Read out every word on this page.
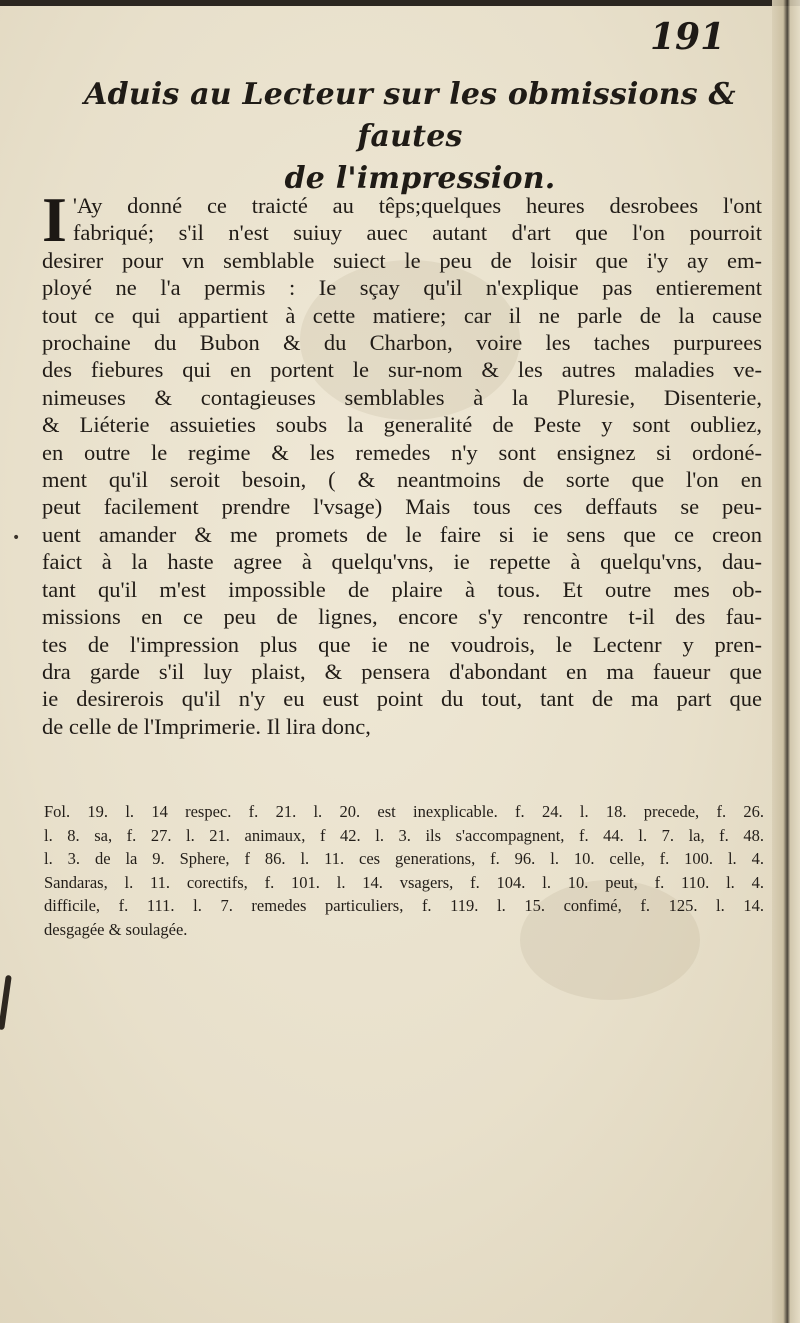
191
Aduis au Lecteur sur les obmissions & fautes
de l'impression.
I 'Ay donné ce traicté au têps;quelques heures desrobees l'ont
fabriqué; s'il n'est suiuy auec autant d'art que l'on pourroit
desirer pour vn semblable suiect le peu de loisir que i'y ay em-
ployé ne l'a permis : Ie sçay qu'il n'explique pas entierement
tout ce qui appartient à cette matiere; car il ne parle de la cause
prochaine du Bubon & du Charbon, voire les taches purpurees
des fiebures qui en portent le sur-nom & les autres maladies ve-
nimeuses & contagieuses semblables à la Pluresie, Disenterie,
& Liéterie assuieties soubs la generalité de Peste y sont oubliez,
en outre le regime & les remedes n'y sont ensignez si ordoné-
ment qu'il seroit besoin, ( & neantmoins de sorte que l'on en
peut facilement prendre l'vsage) Mais tous ces deffauts se peu-
uent amander & me promets de le faire si ie sens que ce creon
faict à la haste agree à quelqu'vns, ie repette à quelqu'vns, dau-
tant qu'il m'est impossible de plaire à tous. Et outre mes ob-
missions en ce peu de lignes, encore s'y rencontre t-il des fau-
tes de l'impression plus que ie ne voudrois, le Lectenr y pren-
dra garde s'il luy plaist, & pensera d'abondant en ma faueur que
ie desirerois qu'il n'y eu eust point du tout, tant de ma part que
de celle de l'Imprimerie. Il lira donc,
Fol. 19. l. 14 respec. f. 21. l. 20. est inexplicable. f. 24. l. 18. precede, f. 26.
l. 8. sa, f. 27. l. 21. animaux, f 42. l. 3. ils s'accompagnent, f. 44. l. 7. la, f. 48.
l. 3. de la 9. Sphere, f 86. l. 11. ces generations, f. 96. l. 10. celle, f. 100. l. 4.
Sandaras, l. 11. corectifs, f. 101. l. 14. vsagers, f. 104. l. 10. peut, f. 110. l. 4.
difficile, f. 111. l. 7. remedes particuliers, f. 119. l. 15. confimé, f. 125. l. 14.
desgagée & soulagée.
•
